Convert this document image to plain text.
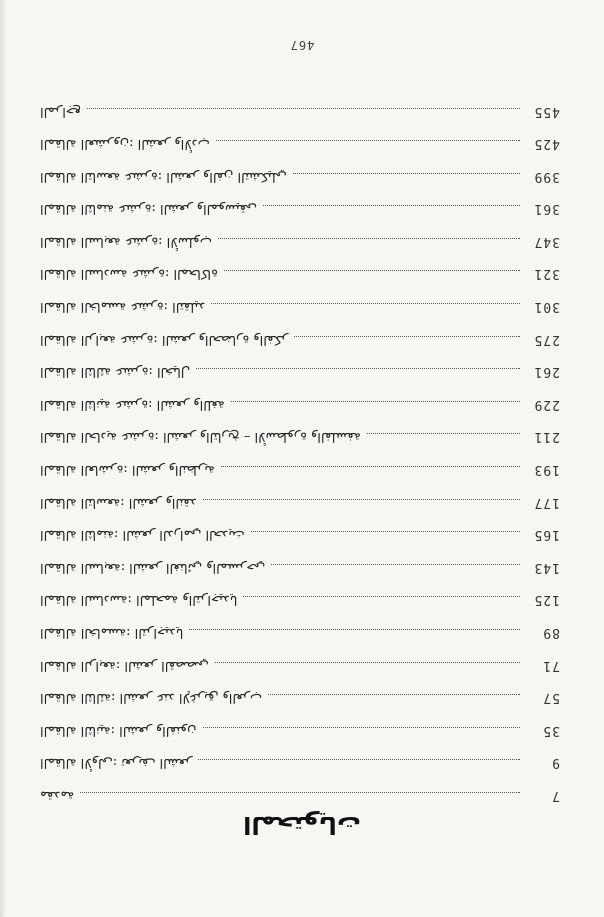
المحتويات
مقدمة	7
المقالة الأولى: تعريف الشعر	9
المقالة الثانية: الشعر والفنون	35
المقالة الثالثة: الشعر عند الإغريق والعرب	57
المقالة الرابعة: الشعر القصصي	71
المقالة الخامسة: التراجيديا	89
المقالة السادسة: الملحمة والتراجيديا	125
المقالة السابعة: الشعر الغنائي والمسرحي	143
المقالة الثامنة: الشعر الدرامي الحديث	165
المقالة التاسعة: الشعر والنقد	177
المقالة العاشرة: الشعر والنظرية	193
المقالة الحادية عشرة: الشعر والتاريخ – الأسطورة والفلسفة	211
المقالة الثانية عشرة: الشعر واللغة	229
المقالة الثالثة عشرة: الخيال	261
المقالة الرابعة عشرة: الشعر والحضارة والفكر	275
المقالة الخامسة عشرة: التقليد	301
المقالة السادسة عشرة: المحاكاة	321
المقالة السابعة عشرة: الأسلوب	347
المقالة الثامنة عشرة: الشعر والموسيقى	361
المقالة التاسعة عشرة: الشعر والفن التشكيلي	399
المقالة العشرون: الشعر والأدب	425
المراجع	455
467
